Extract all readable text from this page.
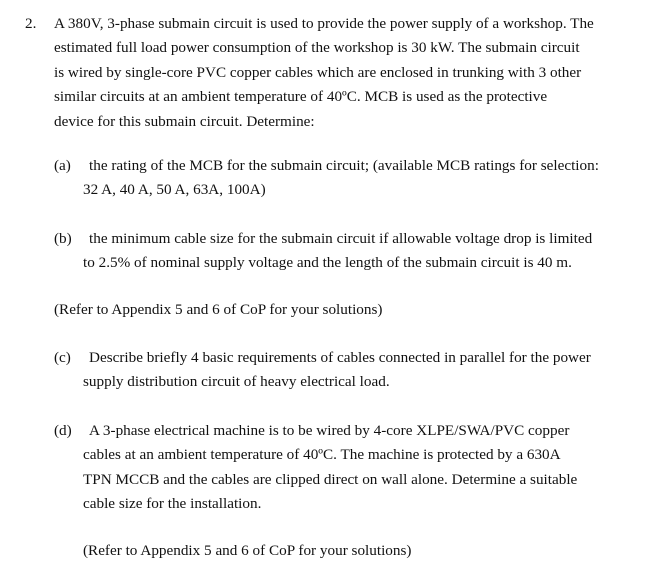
2. A 380V, 3-phase submain circuit is used to provide the power supply of a workshop. The
estimated full load power consumption of the workshop is 30 kW. The submain circuit
is wired by single-core PVC copper cables which are enclosed in trunking with 3 other
similar circuits at an ambient temperature of 40ºC. MCB is used as the protective
device for this submain circuit. Determine:

(a) the rating of the MCB for the submain circuit; (available MCB ratings for selection:
32 A, 40 A, 50 A, 63A, 100A)

(b) the minimum cable size for the submain circuit if allowable voltage drop is limited
to 2.5% of nominal supply voltage and the length of the submain circuit is 40 m.

(Refer to Appendix 5 and 6 of CoP for your solutions)
(c) Describe briefly 4 basic requirements of cables connected in parallel for the power
supply distribution circuit of heavy electrical load.

(d) A 3-phase electrical machine is to be wired by 4-core XLPE/SWA/PVC copper
cables at an ambient temperature of 40ºC. The machine is protected by a 630A
TPN MCCB and the cables are clipped direct on wall alone. Determine a suitable
cable size for the installation.

(Refer to Appendix 5 and 6 of CoP for your solutions)
